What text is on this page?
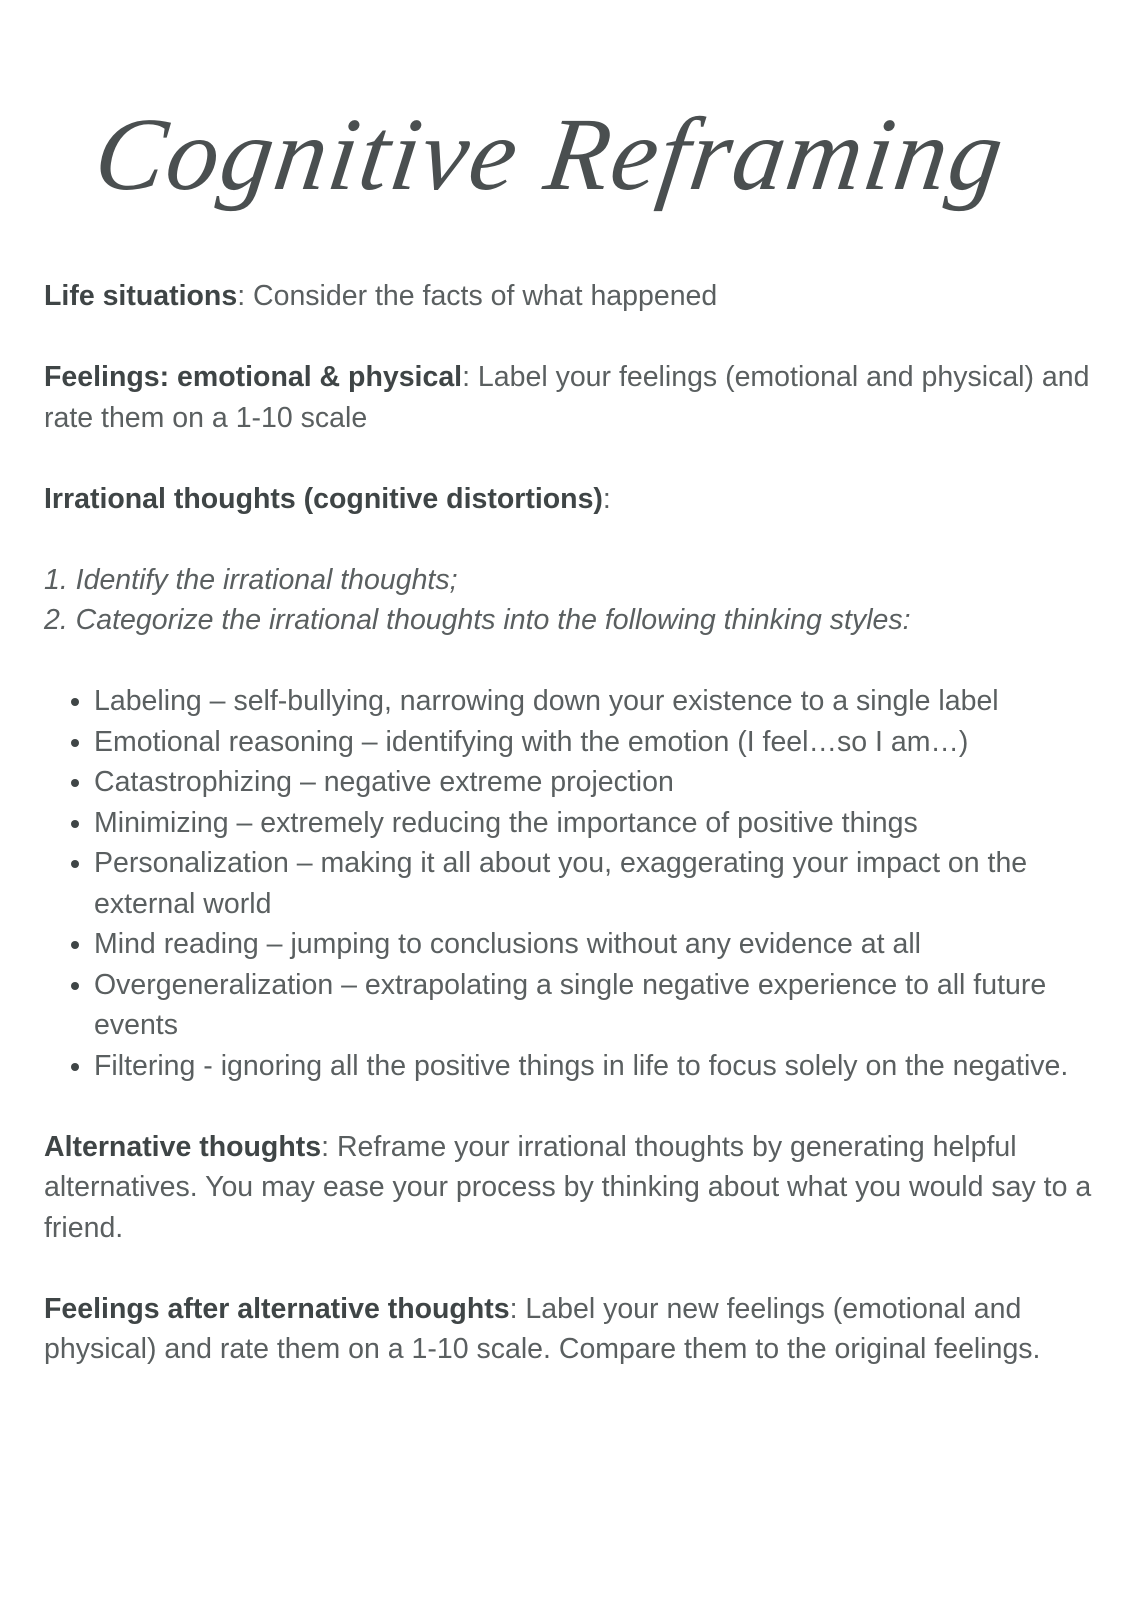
Cognitive Reframing

Life situations: Consider the facts of what happened

Feelings: emotional & physical: Label your feelings (emotional and physical) and rate them on a 1-10 scale

Irrational thoughts (cognitive distortions):

1. Identify the irrational thoughts;
2. Categorize the irrational thoughts into the following thinking styles:

• Labeling – self-bullying, narrowing down your existence to a single label
• Emotional reasoning – identifying with the emotion (I feel…so I am…)
• Catastrophizing – negative extreme projection
• Minimizing – extremely reducing the importance of positive things
• Personalization – making it all about you, exaggerating your impact on the external world
• Mind reading – jumping to conclusions without any evidence at all
• Overgeneralization – extrapolating a single negative experience to all future events
• Filtering - ignoring all the positive things in life to focus solely on the negative.

Alternative thoughts: Reframe your irrational thoughts by generating helpful alternatives. You may ease your process by thinking about what you would say to a friend.

Feelings after alternative thoughts: Label your new feelings (emotional and physical) and rate them on a 1-10 scale. Compare them to the original feelings.
